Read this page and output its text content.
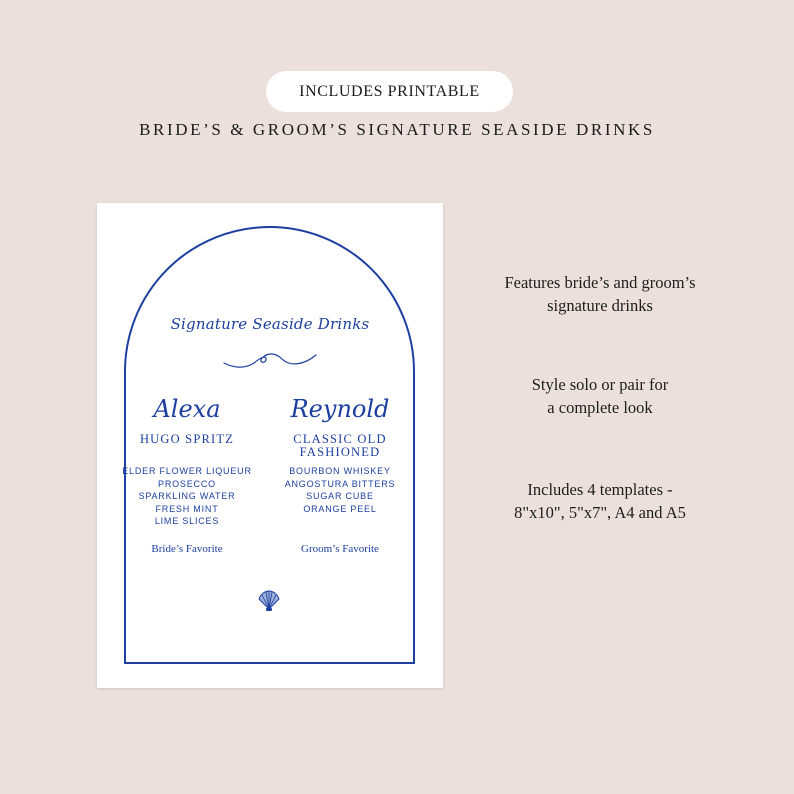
INCLUDES PRINTABLE
BRIDE’S & GROOM’S SIGNATURE SEASIDE DRINKS
Signature Seaside Drinks
Alexa
HUGO SPRITZ
ELDER FLOWER LIQUEUR
PROSECCO
SPARKLING WATER
FRESH MINT
LIME SLICES
Reynold
CLASSIC OLD
FASHIONED
BOURBON WHISKEY
ANGOSTURA BITTERS
SUGAR CUBE
ORANGE PEEL
Bride’s Favorite	Groom’s Favorite
Features bride’s and groom’s
signature drinks
Style solo or pair for
a complete look
Includes 4 templates -
8"x10", 5"x7", A4 and A5
